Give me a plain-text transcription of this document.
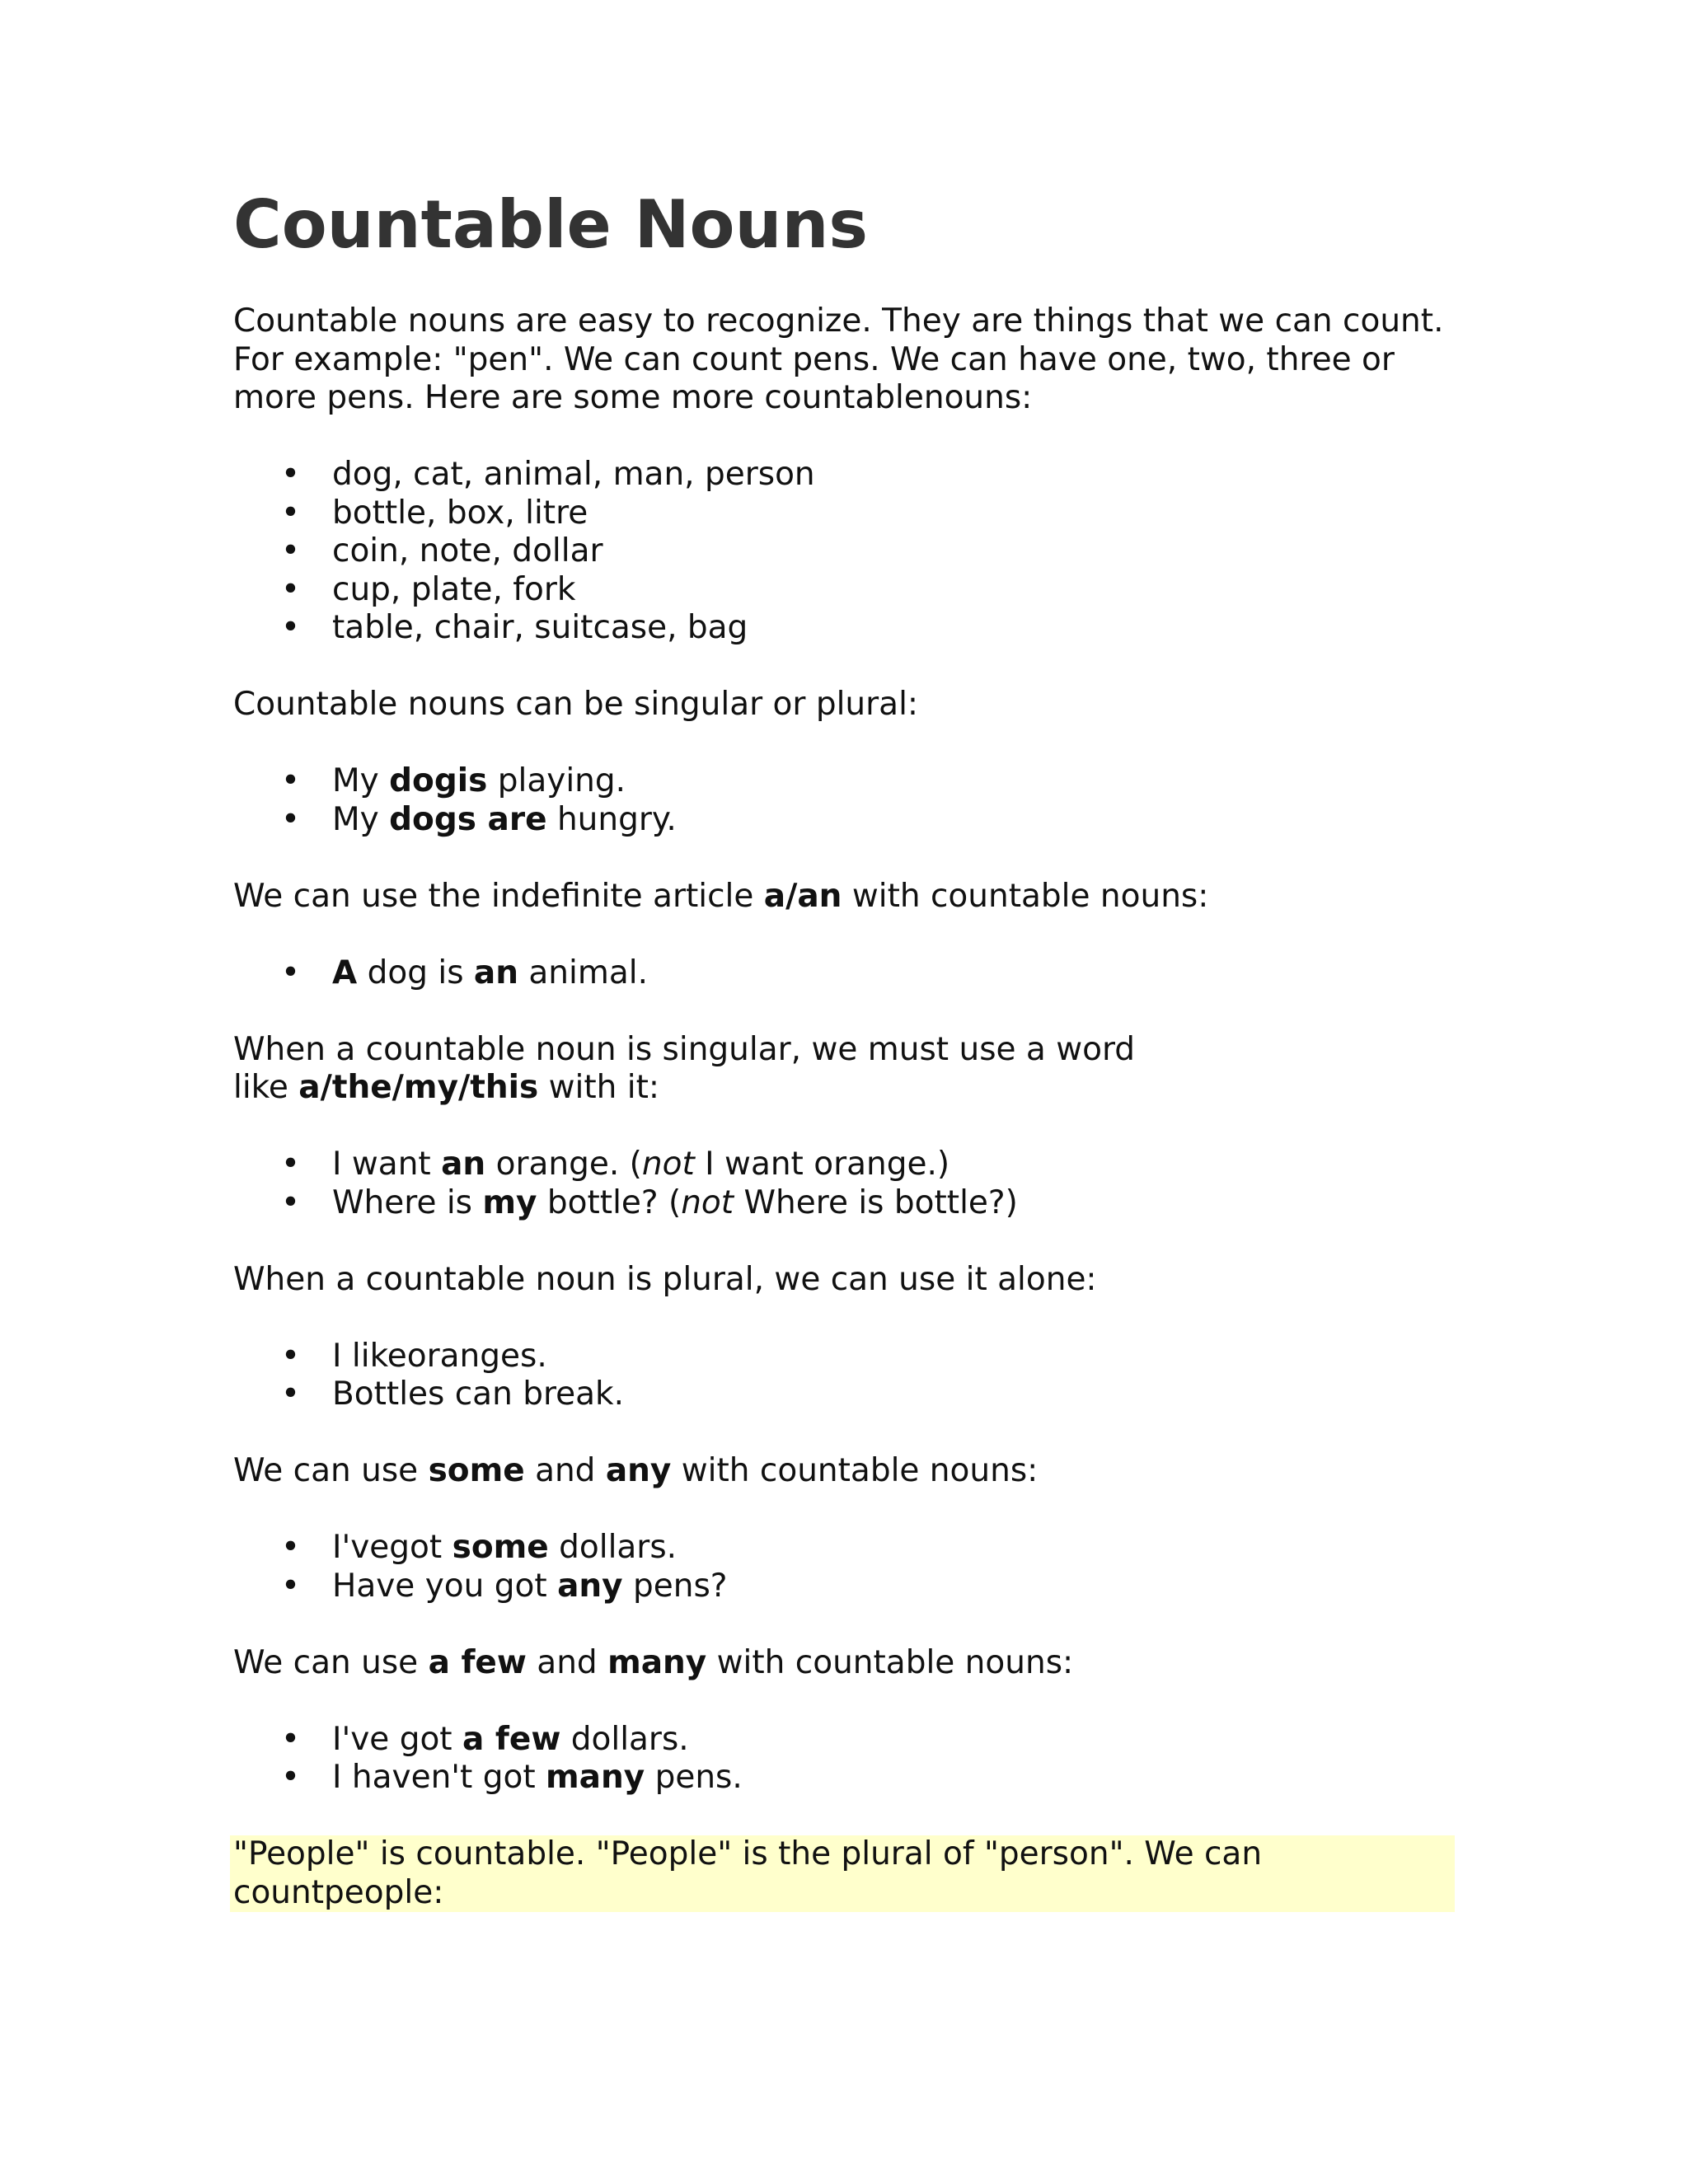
Countable Nouns

Countable nouns are easy to recognize. They are things that we can count.
For example: "pen". We can count pens. We can have one, two, three or
more pens. Here are some more countablenouns:

• dog, cat, animal, man, person
• bottle, box, litre
• coin, note, dollar
• cup, plate, fork
• table, chair, suitcase, bag

Countable nouns can be singular or plural:

• My dogis playing.
• My dogs are hungry.

We can use the indefinite article a/an with countable nouns:

• A dog is an animal.

When a countable noun is singular, we must use a word
like a/the/my/this with it:

• I want an orange. (not I want orange.)
• Where is my bottle? (not Where is bottle?)

When a countable noun is plural, we can use it alone:

• I likeoranges.
• Bottles can break.

We can use some and any with countable nouns:

• I'vegot some dollars.
• Have you got any pens?

We can use a few and many with countable nouns:

• I've got a few dollars.
• I haven't got many pens.

"People" is countable. "People" is the plural of "person". We can
countpeople:
